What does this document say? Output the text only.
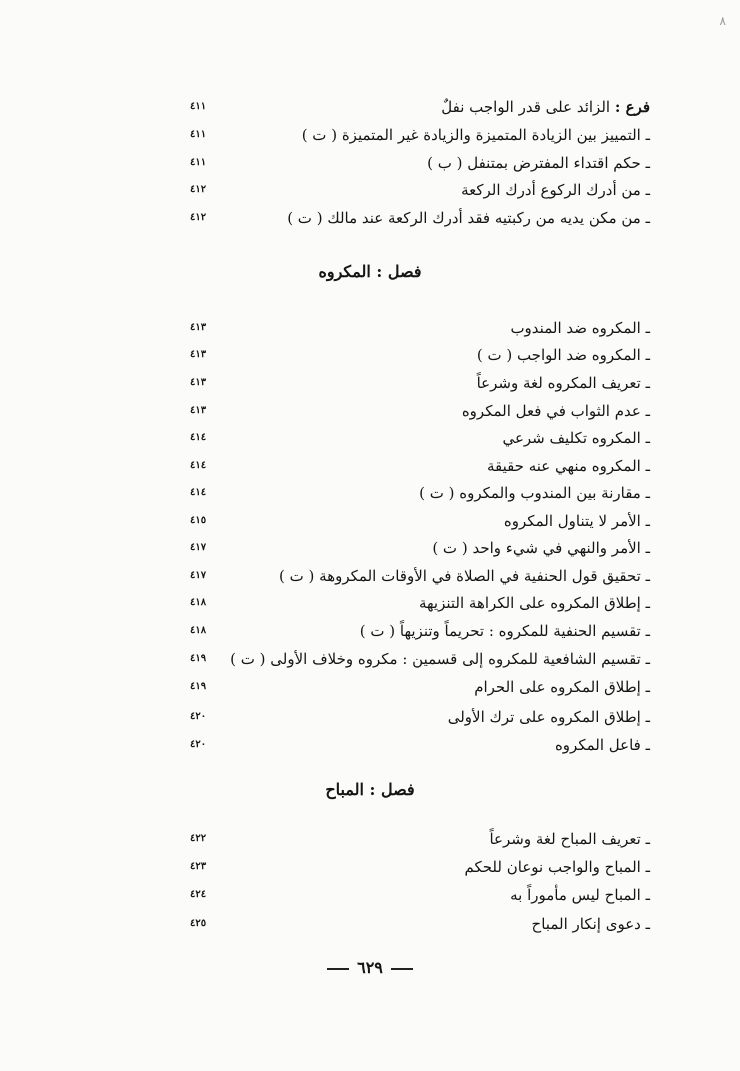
٨
فرع : الزائد على قدر الواجب نفلٌ
٤١١
ـ التمييز بين الزيادة المتميزة والزيادة غير المتميزة ( ت )
٤١١
ـ حكم اقتداء المفترض بمتنفل ( ب )
٤١١
ـ من أدرك الركوع أدرك الركعة
٤١٢
ـ من مكن يديه من ركبتيه فقد أدرك الركعة عند مالك ( ت )
٤١٢
فصل : المكروه
ـ المكروه ضد المندوب
٤١٣
ـ المكروه ضد الواجب ( ت )
٤١٣
ـ تعريف المكروه لغة وشرعاً
٤١٣
ـ عدم الثواب في فعل المكروه
٤١٣
ـ المكروه تكليف شرعي
٤١٤
ـ المكروه منهي عنه حقيقة
٤١٤
ـ مقارنة بين المندوب والمكروه ( ت )
٤١٤
ـ الأمر لا يتناول المكروه
٤١٥
ـ الأمر والنهي في شيء واحد ( ت )
٤١٧
ـ تحقيق قول الحنفية في الصلاة في الأوقات المكروهة ( ت )
٤١٧
ـ إطلاق المكروه على الكراهة التنزيهة
٤١٨
ـ تقسيم الحنفية للمكروه : تحريماً وتنزيهاً ( ت )
٤١٨
ـ تقسيم الشافعية للمكروه إلى قسمين : مكروه وخلاف الأولى ( ت )
٤١٩
ـ إطلاق المكروه على الحرام
٤١٩
ـ إطلاق المكروه على ترك الأولى
٤٢٠
ـ فاعل المكروه
٤٢٠
فصل : المباح
ـ تعريف المباح لغة وشرعاً
٤٢٢
ـ المباح والواجب نوعان للحكم
٤٢٣
ـ المباح ليس مأموراً به
٤٢٤
ـ دعوى إنكار المباح
٤٢٥
٦٢٩
